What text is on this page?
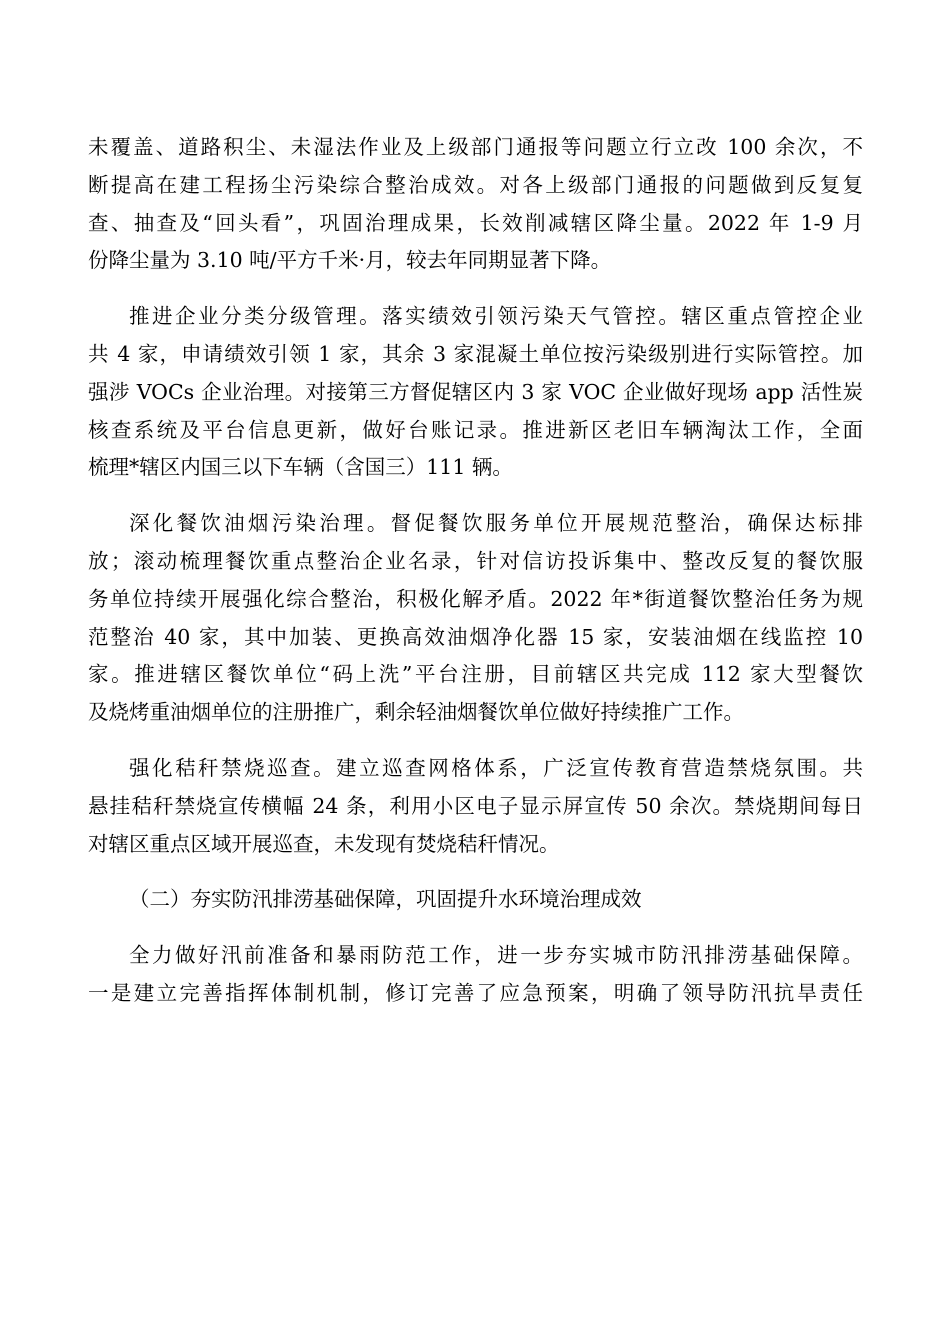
未覆盖、道路积尘、未湿法作业及上级部门通报等问题立行立改 100 余次，不
断提高在建工程扬尘污染综合整治成效。对各上级部门通报的问题做到反复复
查、抽查及“回头看”，巩固治理成果，长效削减辖区降尘量。2022 年 1-9 月
份降尘量为 3.10 吨/平方千米·月，较去年同期显著下降。

推进企业分类分级管理。落实绩效引领污染天气管控。辖区重点管控企业
共 4 家，申请绩效引领 1 家，其余 3 家混凝土单位按污染级别进行实际管控。加
强涉 VOCs 企业治理。对接第三方督促辖区内 3 家 VOC 企业做好现场 app 活性炭
核查系统及平台信息更新，做好台账记录。推进新区老旧车辆淘汰工作，全面
梳理*辖区内国三以下车辆（含国三）111 辆。

深化餐饮油烟污染治理。督促餐饮服务单位开展规范整治，确保达标排
放；滚动梳理餐饮重点整治企业名录，针对信访投诉集中、整改反复的餐饮服
务单位持续开展强化综合整治，积极化解矛盾。2022 年*街道餐饮整治任务为规
范整治 40 家，其中加装、更换高效油烟净化器 15 家，安装油烟在线监控 10
家。推进辖区餐饮单位“码上洗”平台注册，目前辖区共完成 112 家大型餐饮
及烧烤重油烟单位的注册推广，剩余轻油烟餐饮单位做好持续推广工作。

强化秸秆禁烧巡查。建立巡查网格体系，广泛宣传教育营造禁烧氛围。共
悬挂秸秆禁烧宣传横幅 24 条，利用小区电子显示屏宣传 50 余次。禁烧期间每日
对辖区重点区域开展巡查，未发现有焚烧秸秆情况。

（二）夯实防汛排涝基础保障，巩固提升水环境治理成效

全力做好汛前准备和暴雨防范工作，进一步夯实城市防汛排涝基础保障。
一是建立完善指挥体制机制，修订完善了应急预案，明确了领导防汛抗旱责任
